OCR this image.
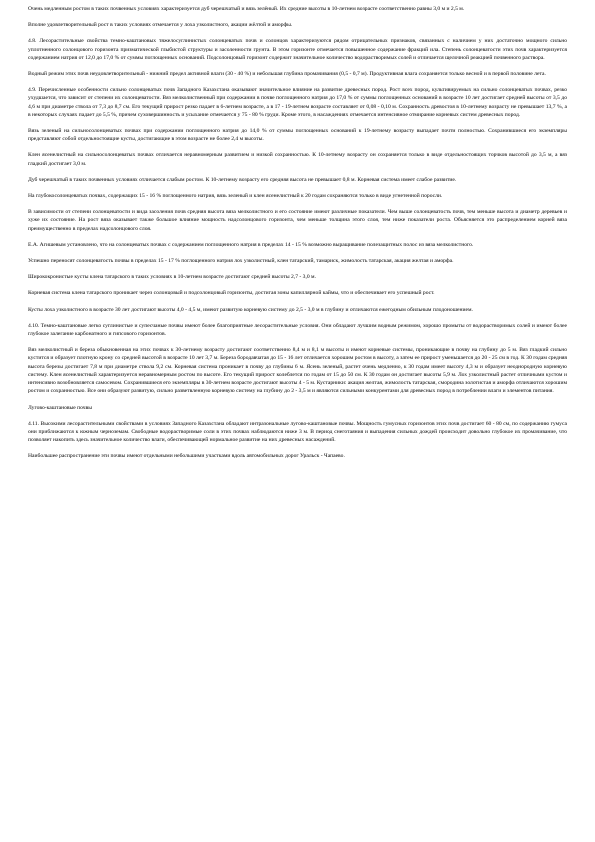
Очень медленным ростом в таких почвенных условиях характеризуется дуб черешчатый и вязь зелёный. Их средние высоты в 10-летнем возрасте соответственно равны 3,0 м и 2,5 м.

Вполне удовлетворительный рост в таких условиях отмечается у лоха узколистного, акации жёлтой и аморфы.

4.8. Лесорастительные свойства темно-каштановых тяжелосуглинистых солонцеватых почв и солонцов характеризуются рядом отрицательных признаков, связанных с наличием у них достаточно мощного сильно уплотненного солонцового горизонта призматической глыбистой структуры и засоленности грунта. В этом горизонте отмечается повышенное содержание фракций ила. Степень солонцеватости этих почв характеризуется содержанием натрия от 12,0 до 17,0 % от суммы поглощенных оснований. Подсолонцовый горизонт содержит значительное количество водорастворимых солей и отличается щелочной реакцией почвенного раствора.

Водный режим этих почв неудовлетворительный - нижний предел активной влаги (30 - 40 %) и небольшая глубина промачивания (0,5 - 0,7 м). Продуктивная влага сохраняется только весной и в первой половине лета.

4.9. Перечисленные особенности сильно солонцеватых почв Западного Казахстана оказывают значительное влияние на развитие древесных пород. Рост всех пород, культивируемых на сильно солонцеватых почвах, резко ухудшается, что зависит от степени их солонцеватости. Вяз мелколиственный при содержании в почве поглощенного натрия до 17,0 % от суммы поглощенных оснований в возрасте 10 лет достигает средней высоты от 3,5 до 4,6 м при диаметре ствола от 7,3 до 8,7 см. Его текущий прирост резко падает в 6-летнем возрасте, а в 17 - 19-летнем возрасте составляет от 0,08 - 0,10 м. Сохранность древостоя в 10-летнему возрасту не превышает 13,7 %, а в некоторых случаях падает до 5,5 %, причем суховершинность и усыхание отмечается у 75 - 80 % груди. Кроме этого, в насаждениях отмечается интенсивное отмирание корневых систем древесных пород.

Вязь зеленый на сильносолонцеватых почвах при содержании поглощенного натрия до 14,0 % от суммы поглощенных оснований к 19-летнему возрасту выпадает почти полностью. Сохранившиеся его экземпляры представляют собой отдельностоящие кусты, достигающие в этом возрасте не более 2,4 м высоты.

Клен ясенелистный на сильносолонцеватых почвах отличается неравномерным развитием и низкой сохранностью. К 10-летнему возрасту он сохраняется только в виде отдельностоящих торчков высотой до 3,5 м, а вяз гладкий достигает 3,0 м.

Дуб черешчатый в таких почвенных условиях отличается слабым ростом. К 10-летнему возрасту его средняя высота не превышает 0,8 м. Корневая система имеет слабое развитие.

На глубокосолонцеватых почвах, содержащих 15 - 16 % поглощенного натрия, вязь зеленый и клен ясенелистный к 20 годам сохраняются только в виде угнетенной поросли.

В зависимости от степени солонцеватости и вида засоления почв средняя высота вяза мелколистного и его состояние имеют различные показатели. Чем выше солонцеватость почв, тем меньше высота и диаметр деревьев и хуже их состояние. На рост вяза оказывает также большое влияние мощность надсолонцового горизонта, чем меньше толщина этого слоя, тем ниже показатели роста. Объясняется это распределением корней вяза преимущественно в пределах надсолонцового слоя.

Е.А. Агишевым установлено, что на солонцеватых почвах с содержанием поглощенного натрия в пределах 14 - 15 % возможно выращивание полезащитных полос из вяза мелколистного.

Успешно переносят солонцеватость почвы в пределах 15 - 17 % поглощенного натрия лох узколистный, клен татарский, тамариск, жимолость татарская, акация желтая и аморфа.

Ширококронистые кусты клена татарского в таких условиях в 10-летнем возрасте достигают средней высоты 2,7 - 3,0 м.

Корневая система клена татарского проникает через солонцовый и подсолонцовый горизонты, достигая зоны капиллярной каймы, что и обеспечивает его успешный рост.

Кусты лоха узколистного в возрасте 30 лет достигают высоты 4,0 - 4,5 м, имеют развитую корневую систему до 2,5 - 3,0 м в глубину и отличаются ежегодным обильным плодоношением.

4.10. Темно-каштановые легко суглинистые и супесчаные почвы имеют более благоприятные лесорастительные условия. Они обладают лучшим водным режимом, хорошо промыты от водорастворимых солей и имеют более глубокое залегание карбонатного и гипсового горизонтов.

Вяз мелколистный и береза обыкновенная на этих почвах к 30-летнему возрасту достигают соответственно 8,4 м и 8,1 м высоты и имеют корневые системы, проникающие в почву на глубину до 5 м. Вяз гладкий сильно кустится и образует плотную крону со средней высотой в возрасте 10 лет 3,7 м. Береза бородавчатая до 15 - 16 лет отличается хорошим ростом в высоту, а затем ее прирост уменьшается до 20 - 25 см в год. К 30 годам средняя высота березы достигает 7,8 м при диаметре ствола 9,2 см. Корневая система проникает в почву до глубины 6 м. Ясень зеленый, растет очень медленно, к 30 годам имеет высоту 4,3 м и образует неоднородную корневую систему. Клен ясенелистный характеризуется неравномерным ростом по высоте. Его текущий прирост колеблется по годам от 15 до 50 см. К 30 годам он достигает высоты 5,9 м. Лох узколистный растет отличными кустом и интенсивно возобновляется самосевом. Сохранившиеся его экземпляры в 30-летнем возрасте достигают высоты 4 - 5 м. Кустарники: акация желтая, жимолость татарская, смородина золотистая и аморфа отличаются хорошим ростом и сохранностью. Все они образуют развитую, сильно разветвленную корневую систему на глубину до 2 - 3,5 м и являются сильными конкурентами для древесных пород в потреблении влаги и элементов питания.

Лугово-каштановые почвы

4.11. Высокими лесорастительными свойствами в условиях Западного Казахстана обладают интразональные лугово-каштановые почвы. Мощность гумусных горизонтов этих почв достигает 60 - 80 см, по содержанию гумуса они приближаются к южным черноземам. Свободные водорастворимые соли в этих почвах наблюдаются ниже 3 м. В период снеготаяния и выпадения сильных дождей происходит довольно глубокое их промачивание, что позволяет накопить здесь значительное количество влаги, обеспечивающей нормальное развитие на них древесных насаждений.

Наибольшее распространение эти почвы имеют отдельными небольшими участками вдоль автомобильных дорог Уральск - Чапаево.
